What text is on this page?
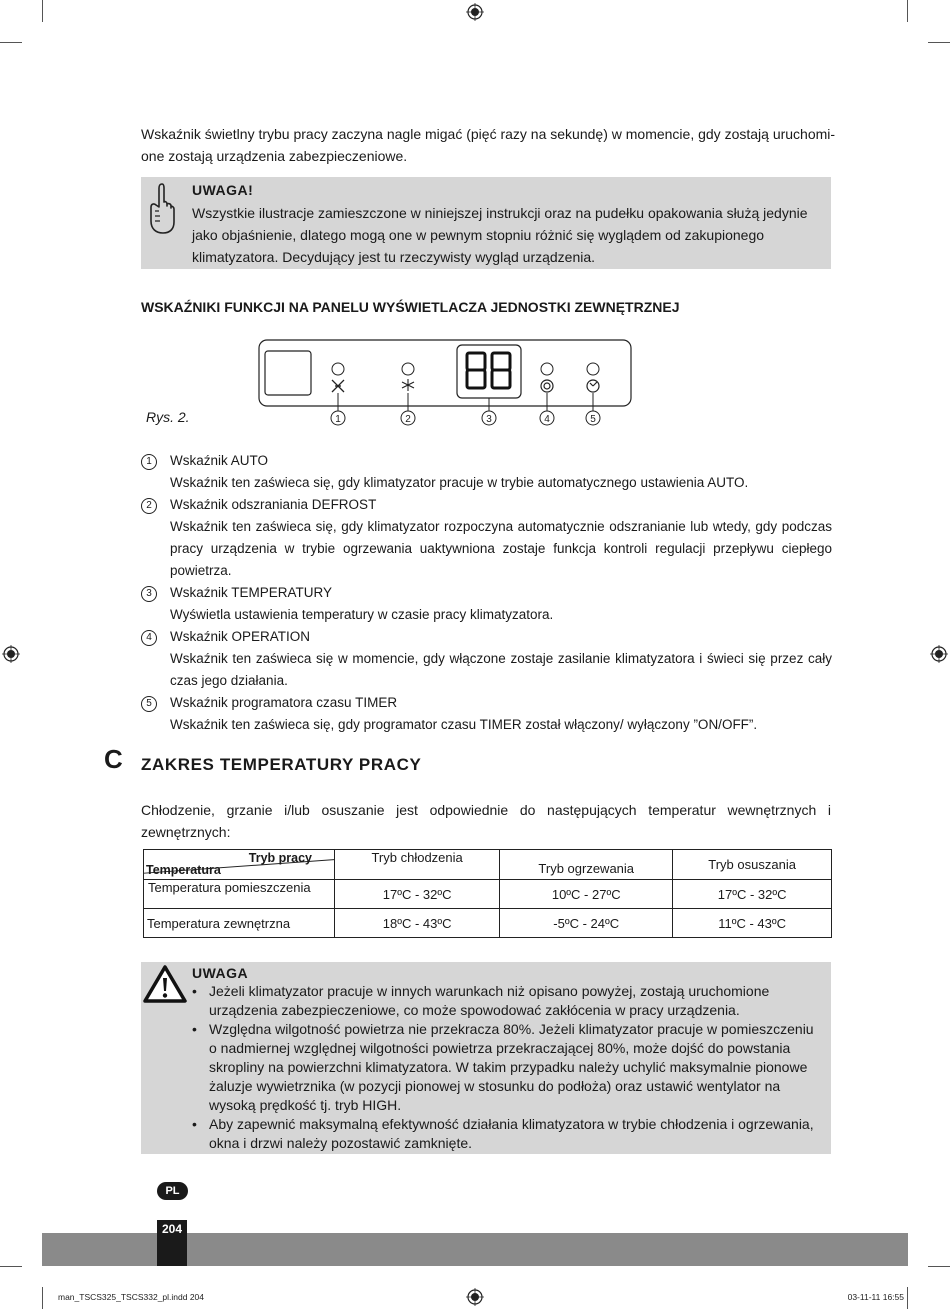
Wskaźnik świetlny trybu pracy zaczyna nagle migać (pięć razy na sekundę) w momencie, gdy zostają uruchomi-
one zostają urządzenia zabezpieczeniowe.
UWAGA!
Wszystkie ilustracje zamieszczone w niniejszej instrukcji oraz na pudełku opakowania służą jedynie jako objaśnienie, dlatego mogą one w pewnym stopniu różnić się wyglądem od zakupionego klimatyzatora. Decydujący jest tu rzeczywisty wygląd urządzenia.
WSKAŹNIKI FUNKCJI NA PANELU WYŚWIETLACZA JEDNOSTKI ZEWNĘTRZNEJ
1	2	3	4	5
Rys. 2.
1	Wskaźnik AUTO
Wskaźnik ten zaświeca się, gdy klimatyzator pracuje w trybie automatycznego ustawienia AUTO.
2	Wskaźnik odszraniania DEFROST
Wskaźnik ten zaświeca się, gdy klimatyzator rozpoczyna automatycznie odszranianie lub wtedy, gdy podczas pracy urządzenia w trybie ogrzewania uaktywniona zostaje funkcja kontroli regulacji przepływu ciepłego powietrza.
3	Wskaźnik TEMPERATURY
Wyświetla ustawienia temperatury w czasie pracy klimatyzatora.
4	Wskaźnik OPERATION
Wskaźnik ten zaświeca się w momencie, gdy włączone zostaje zasilanie klimatyzatora i świeci się przez cały czas jego działania.
5	Wskaźnik programatora czasu TIMER
Wskaźnik ten zaświeca się, gdy programator czasu TIMER został włączony/ wyłączony ”ON/OFF”.
C ZAKRES TEMPERATURY PRACY
Chłodzenie, grzanie i/lub osuszanie jest odpowiednie do następujących temperatur wewnętrznych i zewnętrznych:
Tryb pracy
Temperatura	Tryb chłodzenia	Tryb ogrzewania	Tryb osuszania
Temperatura pomieszczenia	17ºC - 32ºC	10ºC - 27ºC	17ºC - 32ºC
Temperatura zewnętrzna	18ºC - 43ºC	-5ºC - 24ºC	11ºC - 43ºC
UWAGA
• Jeżeli klimatyzator pracuje w innych warunkach niż opisano powyżej, zostają uruchomione urządzenia zabezpieczeniowe, co może spowodować zakłócenia w pracy urządzenia.
• Względna wilgotność powietrza nie przekracza 80%. Jeżeli klimatyzator pracuje w pomieszczeniu o nadmiernej względnej wilgotności powietrza przekraczającej 80%, może dojść do powstania skropliny na powierzchni klimatyzatora. W takim przypadku należy uchylić maksymalnie pionowe żaluzje wywietrznika (w pozycji pionowej w stosunku do podłoża) oraz ustawić wentylator na wysoką prędkość tj. tryb HIGH.
• Aby zapewnić maksymalną efektywność działania klimatyzatora w trybie chłodzenia i ogrzewania, okna i drzwi należy pozostawić zamknięte.
PL
204
man_TSCS325_TSCS332_pl.indd 204	03-11-11 16:55
